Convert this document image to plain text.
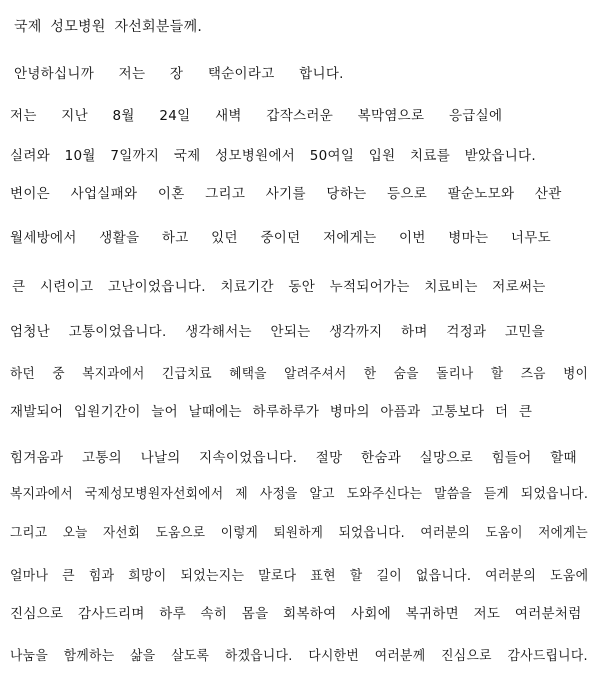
국제 성모병원 자선회분들께.
안녕하십니까 저는 장 택순이라고 합니다.
저는 지난 8월 24일 새벽 갑작스러운 복막염으로 응급실에
실려와 10월 7일까지 국제 성모병원에서 50여일 입원 치료를 받았읍니다.
변이은 사업실패와 이혼 그리고 사기를 당하는 등으로 팔순노모와 산관
월세방에서 생활을 하고 있던 중이던 저에게는 이번 병마는 너무도
큰 시련이고 고난이었읍니다. 치료기간 동안 누적되어가는 치료비는 저로써는
엄청난 고통이었읍니다. 생각해서는 안되는 생각까지 하며 걱정과 고민을
하던 중 복지과에서 긴급치료 혜택을 알려주셔서 한 숨을 돌리나 할 즈음 병이
재발되어 입원기간이 늘어 날때에는 하루하루가 병마의 아픔과 고통보다 더 큰
힘겨움과 고통의 나날의 지속이었읍니다. 절망 한숨과 실망으로 힘들어 할때
복지과에서 국제성모병원자선회에서 제 사정을 알고 도와주신다는 말씀을 듣게 되었읍니다.
그리고 오늘 자선회 도움으로 이렇게 퇴원하게 되었읍니다. 여러분의 도움이 저에게는
얼마나 큰 힘과 희망이 되었는지는 말로다 표현 할 길이 없읍니다. 여러분의 도움에
진심으로 감사드리며 하루 속히 몸을 회복하여 사회에 복귀하면 저도 여러분처럼
나눔을 함께하는 삶을 살도록 하겠읍니다. 다시한번 여러분께 진심으로 감사드립니다.
